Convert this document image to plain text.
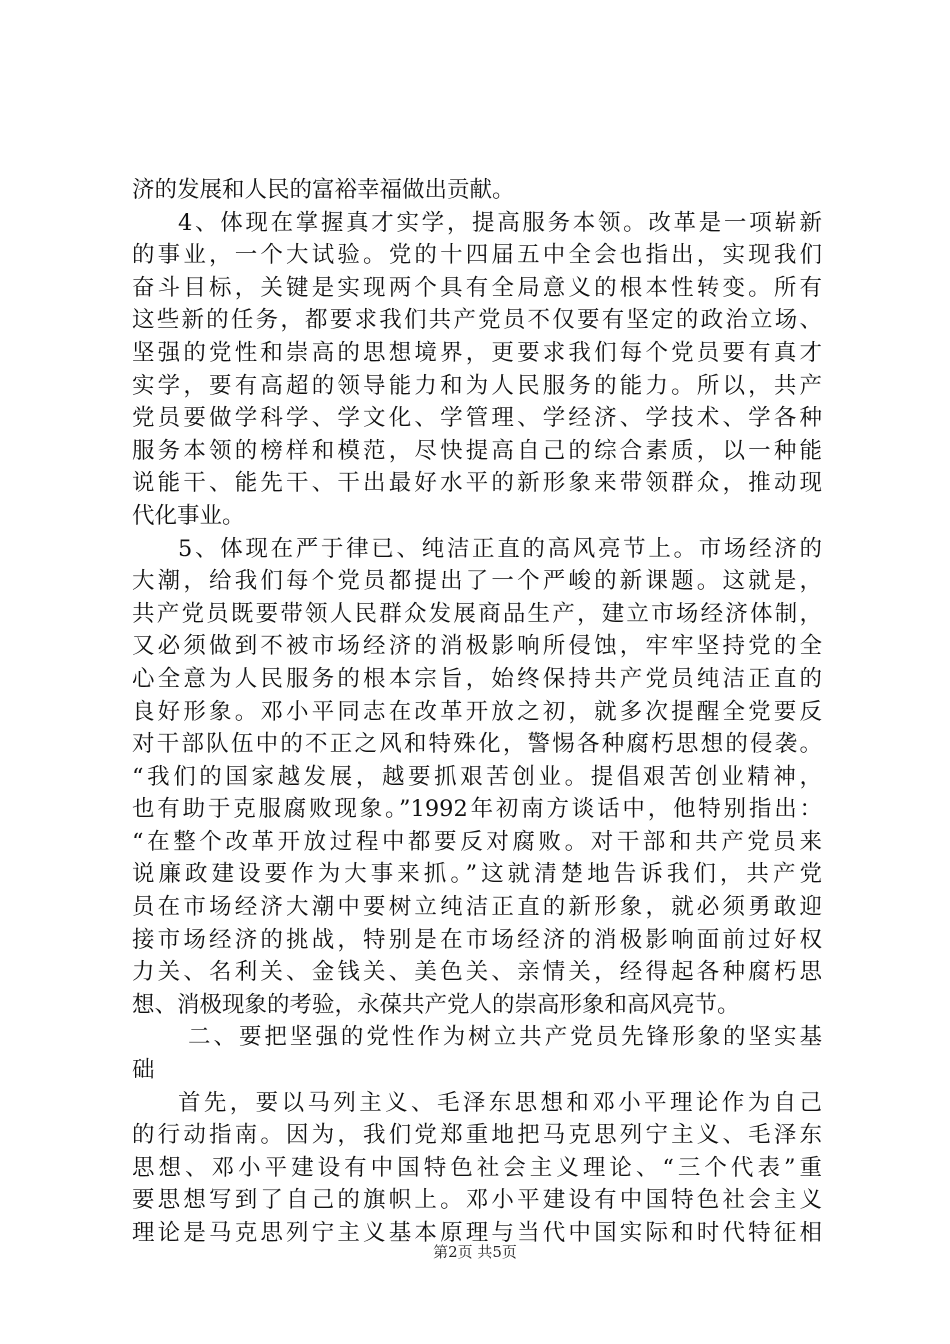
济的发展和人民的富裕幸福做出贡献。
4、体现在掌握真才实学，提高服务本领。改革是一项崭新
的事业，一个大试验。党的十四届五中全会也指出，实现我们
奋斗目标，关键是实现两个具有全局意义的根本性转变。所有
这些新的任务，都要求我们共产党员不仅要有坚定的政治立场、
坚强的党性和崇高的思想境界，更要求我们每个党员要有真才
实学，要有高超的领导能力和为人民服务的能力。所以，共产
党员要做学科学、学文化、学管理、学经济、学技术、学各种
服务本领的榜样和模范，尽快提高自己的综合素质，以一种能
说能干、能先干、干出最好水平的新形象来带领群众，推动现
代化事业。
5、体现在严于律已、纯洁正直的高风亮节上。市场经济的
大潮，给我们每个党员都提出了一个严峻的新课题。这就是，
共产党员既要带领人民群众发展商品生产，建立市场经济体制，
又必须做到不被市场经济的消极影响所侵蚀，牢牢坚持党的全
心全意为人民服务的根本宗旨，始终保持共产党员纯洁正直的
良好形象。邓小平同志在改革开放之初，就多次提醒全党要反
对干部队伍中的不正之风和特殊化，警惕各种腐朽思想的侵袭。
“我们的国家越发展，越要抓艰苦创业。提倡艰苦创业精神，
也有助于克服腐败现象。”1992年初南方谈话中，他特别指出：
“在整个改革开放过程中都要反对腐败。对干部和共产党员来
说廉政建设要作为大事来抓。”这就清楚地告诉我们，共产党
员在市场经济大潮中要树立纯洁正直的新形象，就必须勇敢迎
接市场经济的挑战，特别是在市场经济的消极影响面前过好权
力关、名利关、金钱关、美色关、亲情关，经得起各种腐朽思
想、消极现象的考验，永葆共产党人的崇高形象和高风亮节。
二、要把坚强的党性作为树立共产党员先锋形象的坚实基
础
首先，要以马列主义、毛泽东思想和邓小平理论作为自己
的行动指南。因为，我们党郑重地把马克思列宁主义、毛泽东
思想、邓小平建设有中国特色社会主义理论、“三个代表”重
要思想写到了自己的旗帜上。邓小平建设有中国特色社会主义
理论是马克思列宁主义基本原理与当代中国实际和时代特征相
第2页 共5页
